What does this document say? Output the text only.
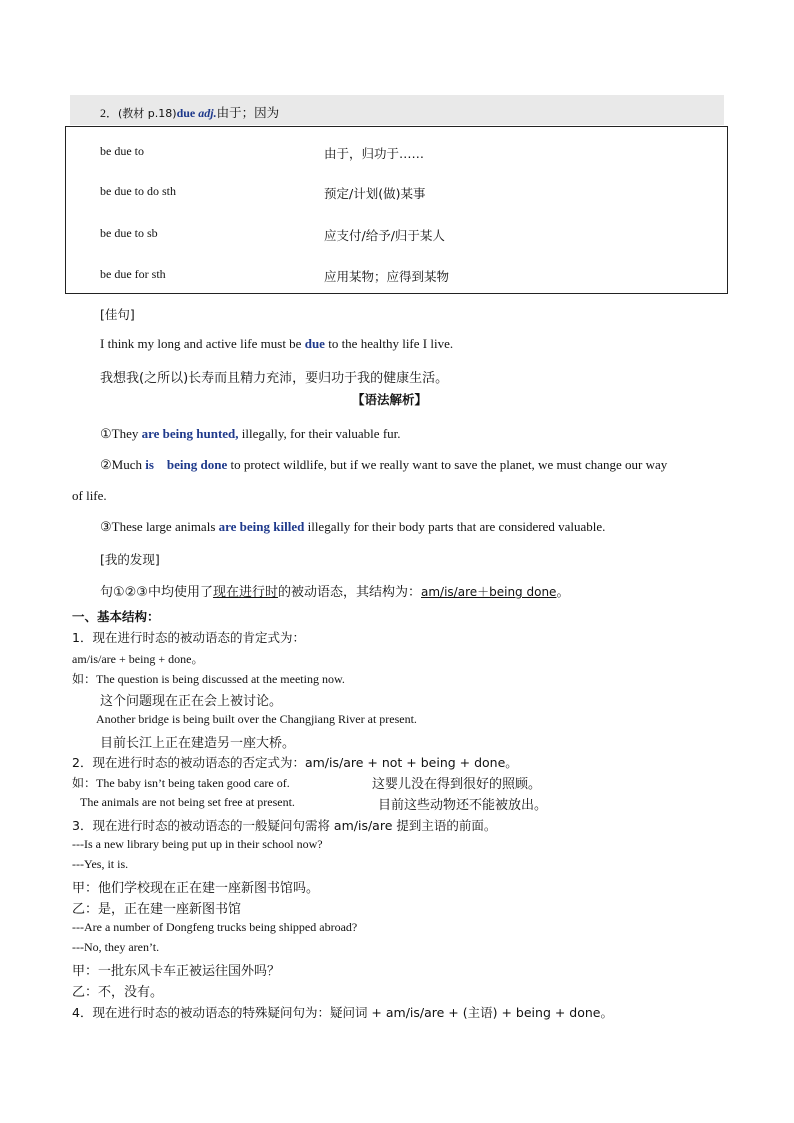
2．(教材 p.18)due adj.由于；因为
be due to	由于，归功于……
be due to do sth	预定/计划(做)某事
be due to sb	应支付/给予/归于某人
be due for sth	应用某物；应得到某物
[佳句]
I think my long and active life must be due to the healthy life I live.
我想我(之所以)长寿而且精力充沛，要归功于我的健康生活。
【语法解析】
①They are being hunted, illegally, for their valuable fur.
②Much is being done to protect wildlife, but if we really want to save the planet, we must change our way
of life.
③These large animals are being killed illegally for their body parts that are considered valuable.
[我的发现]
句①②③中均使用了现在进行时的被动语态，其结构为：am/is/are＋being done。
一、基本结构：
1．现在进行时态的被动语态的肯定式为：
am/is/are + being + done。
如：The question is being discussed at the meeting now.
这个问题现在正在会上被讨论。
Another bridge is being built over the Changjiang River at present.
目前长江上正在建造另一座大桥。
2．现在进行时态的被动语态的否定式为：am/is/are + not + being + done。
如：The baby isn’t being taken good care of.	这婴儿没在得到很好的照顾。
The animals are not being set free at present.	目前这些动物还不能被放出。
3．现在进行时态的被动语态的一般疑问句需将 am/is/are 提到主语的前面。
---Is a new library being put up in their school now?
---Yes, it is.
甲：他们学校现在正在建一座新图书馆吗。
乙：是，正在建一座新图书馆
---Are a number of Dongfeng trucks being shipped abroad?
---No, they aren’t.
甲：一批东风卡车正被运往国外吗？
乙：不，没有。
4．现在进行时态的被动语态的特殊疑问句为：疑问词 + am/is/are + (主语) + being + done。
